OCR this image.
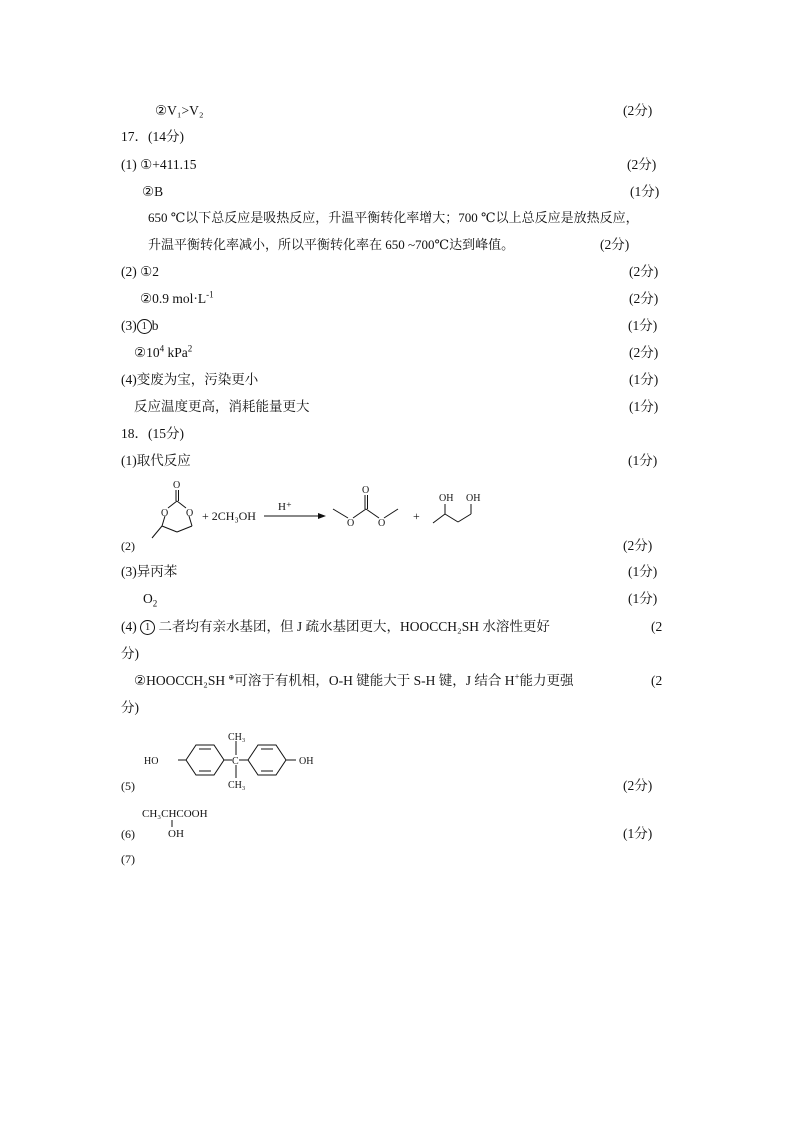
②V₁>V₂	(2分)
17．(14分)
(1) ①+411.15	(2分)
②B	(1分)
650 ℃以下总反应是吸热反应，升温平衡转化率增大；700 ℃以上总反应是放热反应，
升温平衡转化率减小，所以平衡转化率在 650 ~700℃达到峰值。	(2分)
(2) ①2	(2分)
②0.9 $mol\cdot L^{-1}$	(2分)
(3) 1 b	(1分)
$②10^4$ kPa$^2$	(2分)
(4)变废为宝，污染更小	(1分)
反应温度更高，消耗能量更大	(1分)
18．(15分)
(1)取代反应	(1分)
O
O O
O
O O
OH OH
+ 2CH₃OH
H⁺
+
(2)	(2分)
(3)异丙苯	(1分)
$O_2$	(1分)
(4) 1 二者均有亲水基团，但 J 疏水基团更大，HOOCCH₂SH 水溶性更好	(2
分)
②HOOCCH₂SH ⊕可溶于有机相，O-H 键能大于 S-H 键，J 结合 H+能力更强	(2
分)
HO	C
CH₃
CH₃
OH
(5)	(2分)
CH₃CHCOOH
OH
(6)	(1分)
(7)
